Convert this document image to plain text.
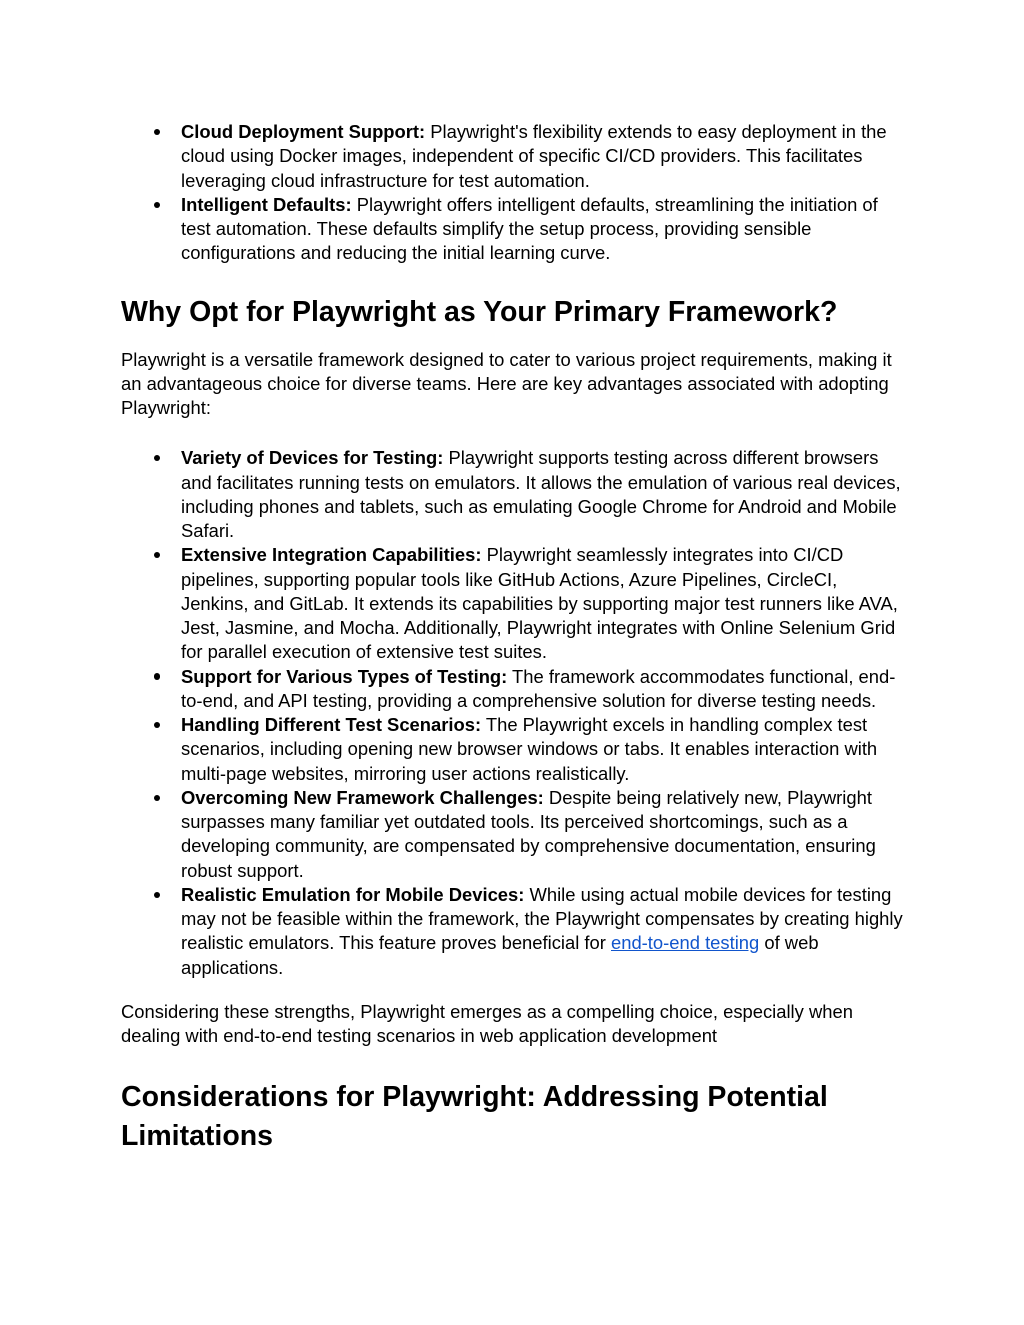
Cloud Deployment Support: Playwright's flexibility extends to easy deployment in the cloud using Docker images, independent of specific CI/CD providers. This facilitates leveraging cloud infrastructure for test automation.
Intelligent Defaults: Playwright offers intelligent defaults, streamlining the initiation of test automation. These defaults simplify the setup process, providing sensible configurations and reducing the initial learning curve.
Why Opt for Playwright as Your Primary Framework?

Playwright is a versatile framework designed to cater to various project requirements, making it an advantageous choice for diverse teams. Here are key advantages associated with adopting Playwright:

Variety of Devices for Testing: Playwright supports testing across different browsers and facilitates running tests on emulators. It allows the emulation of various real devices, including phones and tablets, such as emulating Google Chrome for Android and Mobile Safari.
Extensive Integration Capabilities: Playwright seamlessly integrates into CI/CD pipelines, supporting popular tools like GitHub Actions, Azure Pipelines, CircleCI, Jenkins, and GitLab. It extends its capabilities by supporting major test runners like AVA, Jest, Jasmine, and Mocha. Additionally, Playwright integrates with Online Selenium Grid for parallel execution of extensive test suites.
Support for Various Types of Testing: The framework accommodates functional, end-to-end, and API testing, providing a comprehensive solution for diverse testing needs.
Handling Different Test Scenarios: The Playwright excels in handling complex test scenarios, including opening new browser windows or tabs. It enables interaction with multi-page websites, mirroring user actions realistically.
Overcoming New Framework Challenges: Despite being relatively new, Playwright surpasses many familiar yet outdated tools. Its perceived shortcomings, such as a developing community, are compensated by comprehensive documentation, ensuring robust support.
Realistic Emulation for Mobile Devices: While using actual mobile devices for testing may not be feasible within the framework, the Playwright compensates by creating highly realistic emulators. This feature proves beneficial for end-to-end testing of web applications.

Considering these strengths, Playwright emerges as a compelling choice, especially when dealing with end-to-end testing scenarios in web application development

Considerations for Playwright: Addressing Potential Limitations
